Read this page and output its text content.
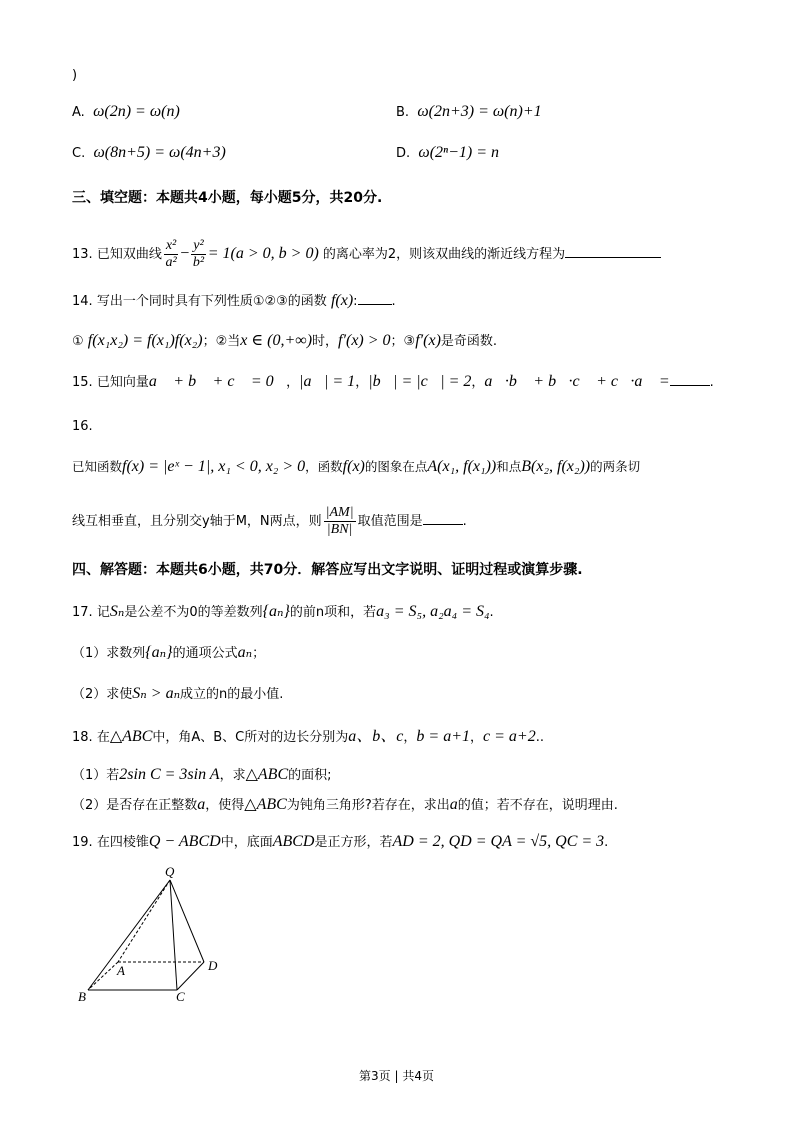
)
A. ω(2n) = ω(n)	B. ω(2n+3) = ω(n)+1
C. ω(8n+5) = ω(4n+3)	D. ω(2ⁿ−1) = n
三、填空题：本题共4小题，每小题5分，共20分.
13. 已知双曲线 $\frac{\text{x²}}{\text{a²}} - \frac{\text{y²}}{\text{b²}} = 1(a > 0$, b > 0) 的离心率为2，则该双曲线的渐近线方程为
14. 写出一个同时具有下列性质①②③的函数 f(x):	.
① f(x₁x₂) = f(x₁)f(x₂)；②当x ∈ (0,+∞)时，f′(x) > 0；③f′(x)是奇函数.
15. 已知向量a⃗ + b⃗ + c⃗ = 0⃗，|a⃗| = 1，|b⃗| = |c⃗| = 2，a⃗·b⃗ + b⃗·c⃗ + c⃗·a⃗ =	.
16.
已知函数f(x) = |eˣ − 1|, x₁ < 0, x₂ > 0，函数f(x)的图象在点A(x₁, f(x₁))和点B(x₂, f(x₂))的两条切
线互相垂直，且分别交y轴于M，N两点，则 $\frac{|AM|}{|BN|}$ 取值范围是	.
四、解答题：本题共6小题，共70分．解答应写出文字说明、证明过程或演算步骤.
17. 记Sₙ是公差不为0的等差数列{aₙ}的前n项和，若a₃ = S₅, a₂a₄ = S₄.
（1）求数列{aₙ}的通项公式aₙ；
（2）求使Sₙ > aₙ成立的n的最小值.
18. 在△ABC中，角A、B、C所对的边长分别为a、b、c，b = a+1，c = a+2..
（1）若2sin C = 3sin A，求△ABC的面积;
（2）是否存在正整数a，使得△ABC为钝角三角形?若存在，求出a的值；若不存在，说明理由.
19. 在四棱锥Q − ABCD中，底面ABCD是正方形，若AD = 2, QD = QA = √5, QC = 3.
Q
A
B	C
D
第3页 | 共4页
